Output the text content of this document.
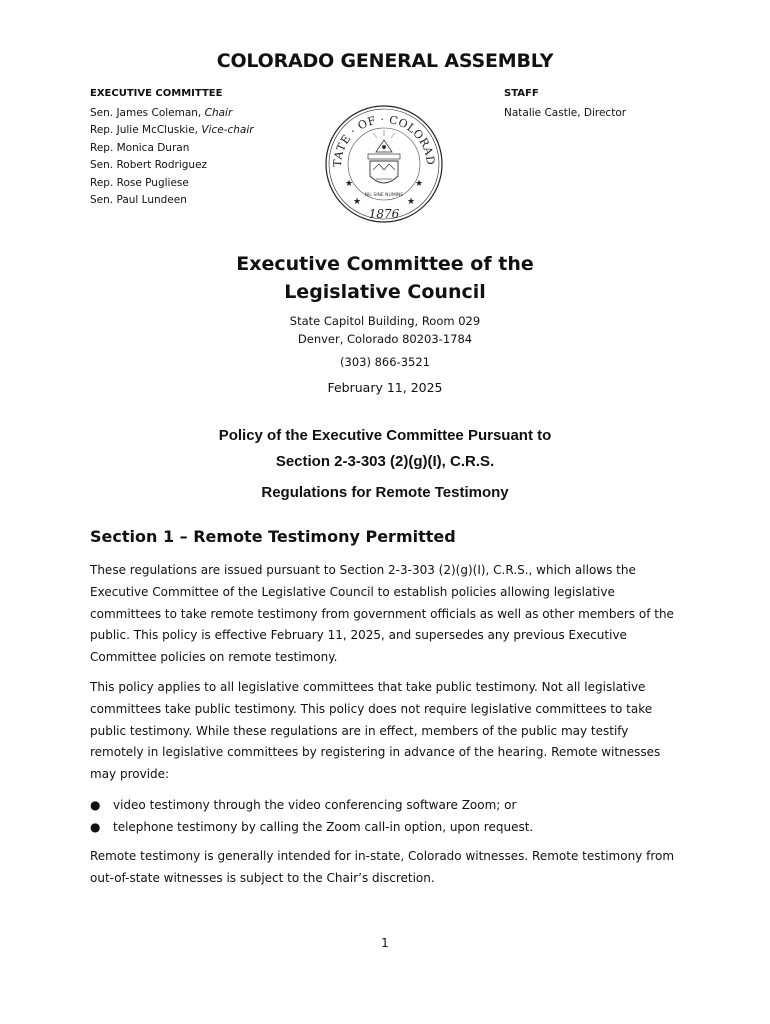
COLORADO GENERAL ASSEMBLY
EXECUTIVE COMMITTEE
Sen. James Coleman, Chair
Rep. Julie McCluskie, Vice-chair
Rep. Monica Duran
Sen. Robert Rodriguez
Rep. Rose Pugliese
Sen. Paul Lundeen
STAFF
Natalie Castle, Director
TATE · OF · COLORAD
★	★
★	★
NIL SINE NUMINE
1876
Executive Committee of the
Legislative Council
State Capitol Building, Room 029
Denver, Colorado 80203-1784
(303) 866-3521
February 11, 2025
Policy of the Executive Committee Pursuant to
Section 2-3-303 (2)(g)(I), C.R.S.
Regulations for Remote Testimony
Section 1 – Remote Testimony Permitted
These regulations are issued pursuant to Section 2-3-303 (2)(g)(I), C.R.S., which allows the Executive Committee of the Legislative Council to establish policies allowing legislative committees to take remote testimony from government officials as well as other members of the public. This policy is effective February 11, 2025, and supersedes any previous Executive Committee policies on remote testimony.
This policy applies to all legislative committees that take public testimony. Not all legislative committees take public testimony. This policy does not require legislative committees to take public testimony. While these regulations are in effect, members of the public may testify remotely in legislative committees by registering in advance of the hearing. Remote witnesses may provide:
● video testimony through the video conferencing software Zoom; or
● telephone testimony by calling the Zoom call-in option, upon request.
Remote testimony is generally intended for in-state, Colorado witnesses. Remote testimony from out-of-state witnesses is subject to the Chair’s discretion.
1
